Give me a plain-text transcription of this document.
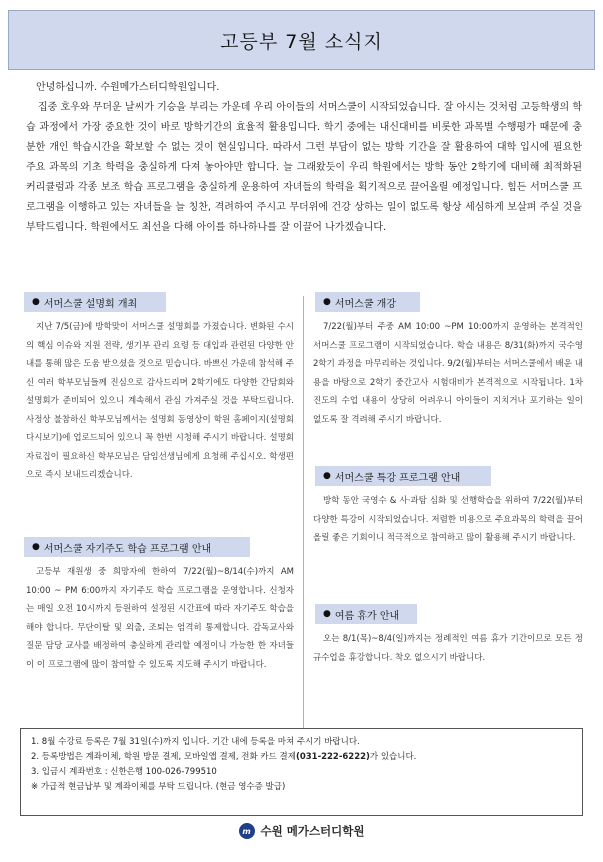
고등부 7월 소식지

안녕하십니까. 수원메가스터디학원입니다.

집중 호우와 무더운 날씨가 기승을 부리는 가운데 우리 아이들의 서머스쿨이 시작되었습니다. 잘 아시는 것처럼 고등학생의 학습 과정에서 가장 중요한 것이 바로 방학기간의 효율적 활용입니다. 학기 중에는 내신대비를 비롯한 과목별 수행평가 때문에 충분한 개인 학습시간을 확보할 수 없는 것이 현실입니다. 따라서 그런 부담이 없는 방학 기간을 잘 활용하여 대학 입시에 필요한 주요 과목의 기초 학력을 충실하게 다져 놓아야만 합니다. 늘 그래왔듯이 우리 학원에서는 방학 동안 2학기에 대비해 최적화된 커리큘럼과 각종 보조 학습 프로그램을 충실하게 운용하여 자녀들의 학력을 획기적으로 끌어올릴 예정입니다. 힘든 서머스쿨 프로그램을 이행하고 있는 자녀들을 늘 칭찬, 격려하여 주시고 무더위에 건강 상하는 일이 없도록 항상 세심하게 보살펴 주실 것을 부탁드립니다. 학원에서도 최선을 다해 아이를 하나하나를 잘 이끌어 나가겠습니다.

● 서머스쿨 설명회 개최

지난 7/5(금)에 방학맞이 서머스쿨 설명회를 가졌습니다. 변화된 수시의 핵심 이슈와 지원 전략, 생기부 관리 요령 등 대입과 관련된 다양한 안내를 통해 많은 도움 받으셨을 것으로 믿습니다. 바쁘신 가운데 참석해 주신 여러 학부모님들께 진심으로 감사드리며 2학기에도 다양한 간담회와 설명회가 준비되어 있으니 계속해서 관심 가져주실 것을 부탁드립니다. 사정상 불참하신 학부모님께서는 설명회 동영상이 학원 홈페이지(설명회 다시보기)에 업로드되어 있으니 꼭 한번 시청해 주시기 바랍니다. 설명회 자료집이 필요하신 학부모님은 담임선생님에게 요청해 주십시오. 학생편으로 즉시 보내드리겠습니다.

● 서머스쿨 자기주도 학습 프로그램 안내

고등부 재원생 중 희망자에 한하여 7/22(월)~8/14(수)까지 AM 10:00 ~ PM 6:00까지 자기주도 학습 프로그램을 운영합니다. 신청자는 매일 오전 10시까지 등원하여 설정된 시간표에 따라 자기주도 학습을 해야 합니다. 무단이탈 및 외출, 조퇴는 엄격히 통제합니다. 감독교사와 질문 담당 교사를 배정하여 충실하게 관리할 예정이니 가능한 한 자녀들이 이 프로그램에 많이 참여할 수 있도록 지도해 주시기 바랍니다.

● 서머스쿨 개강

7/22(월)부터 주중 AM 10:00 ~PM 10:00까지 운영하는 본격적인 서머스쿨 프로그램이 시작되었습니다. 학습 내용은 8/31(화)까지 국수영 2학기 과정을 마무리하는 것입니다. 9/2(월)부터는 서머스쿨에서 배운 내용을 바탕으로 2학기 중간고사 시험대비가 본격적으로 시작됩니다. 1차 진도의 수업 내용이 상당히 어려우니 아이들이 지치거나 포기하는 일이 없도록 잘 격려해 주시기 바랍니다.

● 서머스쿨 특강 프로그램 안내

방학 동안 국영수 & 사·과탐 심화 및 선행학습을 위하여 7/22(월)부터 다양한 특강이 시작되었습니다. 저렴한 비용으로 주요과목의 학력을 끌어올릴 좋은 기회이니 적극적으로 참여하고 많이 활용해 주시기 바랍니다.

● 여름 휴가 안내

오는 8/1(목)~8/4(일)까지는 정례적인 여름 휴가 기간이므로 모든 정규수업을 휴강합니다. 착오 없으시기 바랍니다.

1. 8월 수강료 등록은 7월 31일(수)까지 입니다. 기간 내에 등록을 마쳐 주시기 바랍니다.
2. 등록방법은 계좌이체, 학원 방문 결제, 모바일앱 결제, 전화 카드 결제(031-222-6222)가 있습니다.
3. 입금시 계좌번호 : 신한은행 100-026-799510
※ 가급적 현금납부 및 계좌이체를 부탁 드립니다. (현금 영수증 발급)
m 수원 메가스터디학원
